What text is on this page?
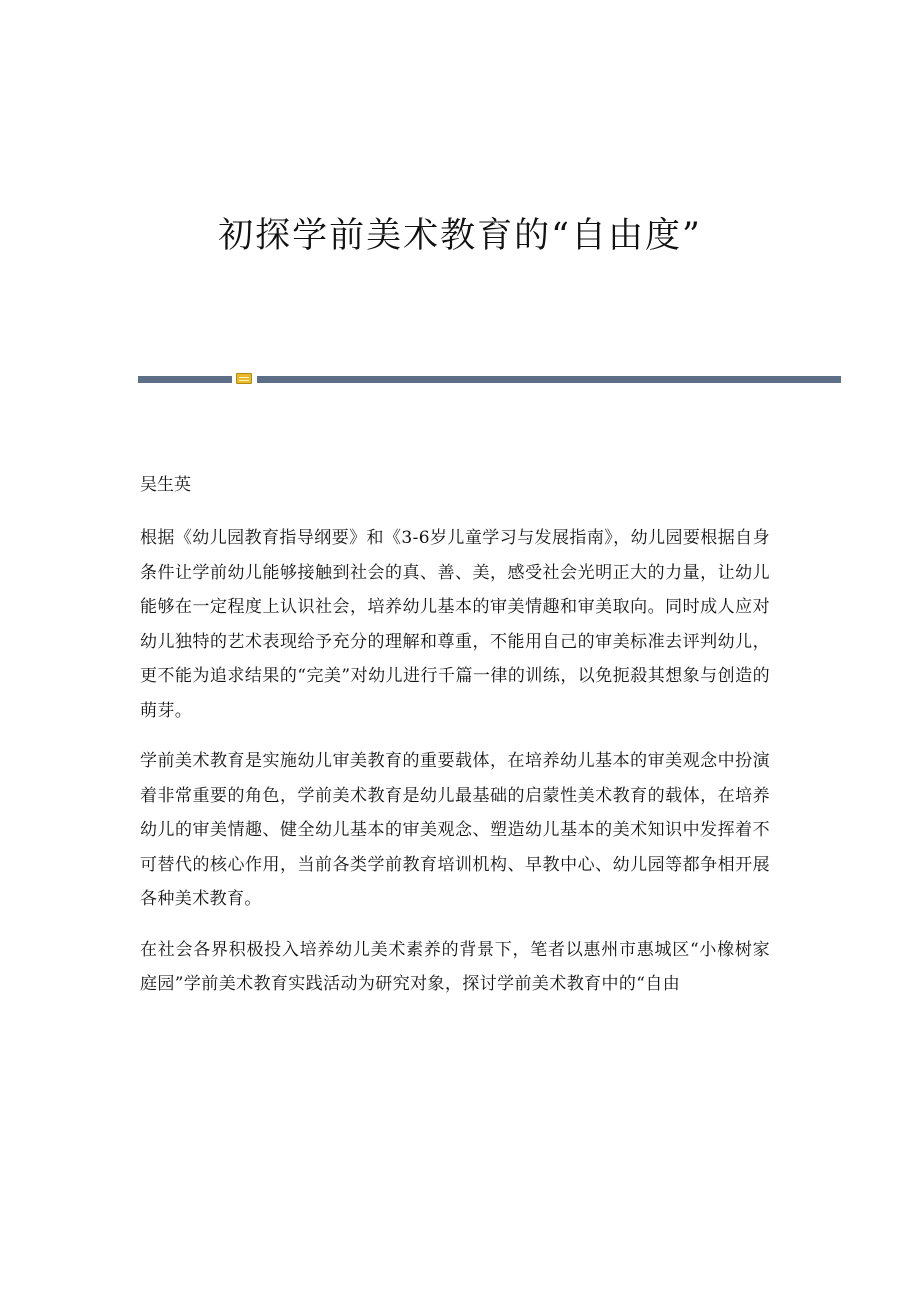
初探学前美术教育的“自由度”

吴生英

根据《幼儿园教育指导纲要》和《3-6岁儿童学习与发展指南》，幼儿园要根据自身条件让学前幼儿能够接触到社会的真、善、美，感受社会光明正大的力量，让幼儿能够在一定程度上认识社会，培养幼儿基本的审美情趣和审美取向。同时成人应对幼儿独特的艺术表现给予充分的理解和尊重，不能用自己的审美标准去评判幼儿，更不能为追求结果的“完美”对幼儿进行千篇一律的训练，以免扼殺其想象与创造的萌芽。

学前美术教育是实施幼儿审美教育的重要载体，在培养幼儿基本的审美观念中扮演着非常重要的角色，学前美术教育是幼儿最基础的启蒙性美术教育的载体，在培养幼儿的审美情趣、健全幼儿基本的审美观念、塑造幼儿基本的美术知识中发挥着不可替代的核心作用，当前各类学前教育培训机构、早教中心、幼儿园等都争相开展各种美术教育。

在社会各界积极投入培养幼儿美术素养的背景下，笔者以惠州市惠城区“小橡树家庭园”学前美术教育实践活动为研究对象，探讨学前美术教育中的“自由
